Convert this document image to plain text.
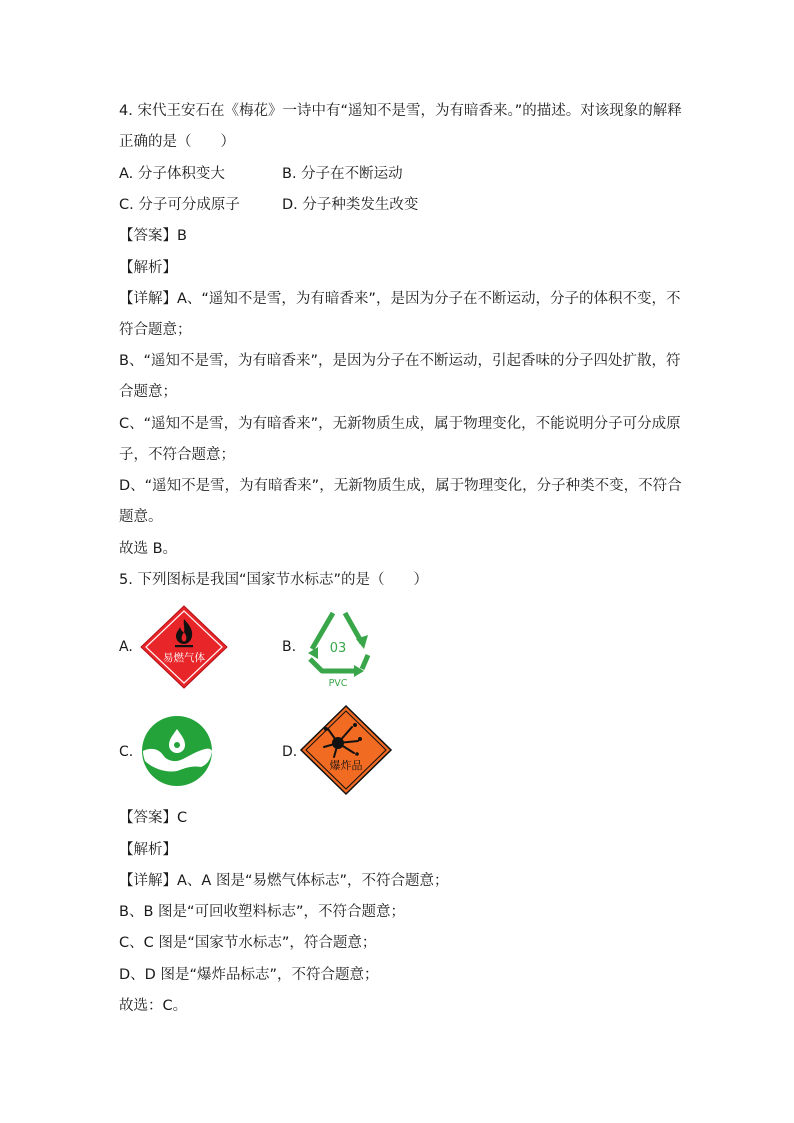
4. 宋代王安石在《梅花》一诗中有“遥知不是雪，为有暗香来。”的描述。对该现象的解释
正确的是（　　）
A. 分子体积变大	B. 分子在不断运动
C. 分子可分成原子	D. 分子种类发生改变
【答案】B
【解析】
【详解】A、“遥知不是雪，为有暗香来”，是因为分子在不断运动，分子的体积不变，不
符合题意；
B、“遥知不是雪，为有暗香来”，是因为分子在不断运动，引起香味的分子四处扩散，符
合题意；
C、“遥知不是雪，为有暗香来”，无新物质生成，属于物理变化，不能说明分子可分成原
子，不符合题意；
D、“遥知不是雪，为有暗香来”，无新物质生成，属于物理变化，分子种类不变，不符合
题意。
故选 B。
5. 下列图标是我国“国家节水标志”的是（　　）
A.
易燃气体
B.	03
PVC
C.	D.
爆炸品
【答案】C
【解析】
【详解】A、A 图是“易燃气体标志”，不符合题意；
B、B 图是“可回收塑料标志”，不符合题意；
C、C 图是“国家节水标志”，符合题意；
D、D 图是“爆炸品标志”，不符合题意；
故选：C。
